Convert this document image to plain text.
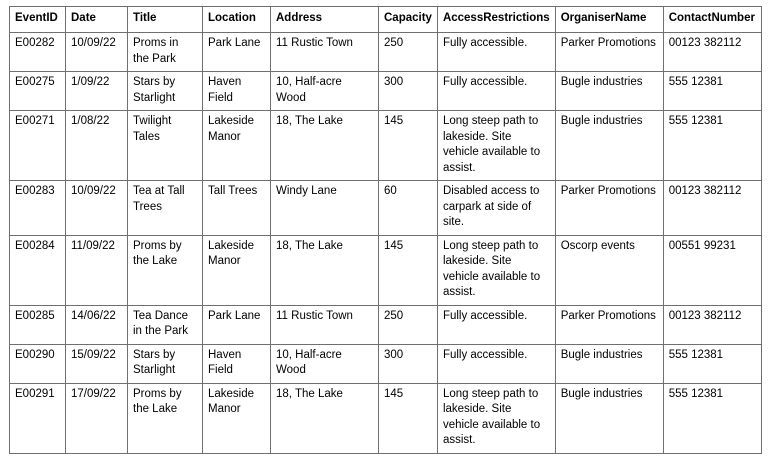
EventID	Date	Title	Location	Address	Capacity	AccessRestrictions	OrganiserName	ContactNumber
E00282	10/09/22	Proms in the Park	Park Lane	11 Rustic Town	250	Fully accessible.	Parker Promotions	00123 382112
E00275	1/09/22	Stars by Starlight	Haven Field	10, Half-acre Wood	300	Fully accessible.	Bugle industries	555 12381
E00271	1/08/22	Twilight Tales	Lakeside Manor	18, The Lake	145	Long steep path to lakeside. Site vehicle available to assist.	Bugle industries	555 12381
E00283	10/09/22	Tea at Tall Trees	Tall Trees	Windy Lane	60	Disabled access to carpark at side of site.	Parker Promotions	00123 382112
E00284	11/09/22	Proms by the Lake	Lakeside Manor	18, The Lake	145	Long steep path to lakeside. Site vehicle available to assist.	Oscorp events	00551 99231
E00285	14/06/22	Tea Dance in the Park	Park Lane	11 Rustic Town	250	Fully accessible.	Parker Promotions	00123 382112
E00290	15/09/22	Stars by Starlight	Haven Field	10, Half-acre Wood	300	Fully accessible.	Bugle industries	555 12381
E00291	17/09/22	Proms by the Lake	Lakeside Manor	18, The Lake	145	Long steep path to lakeside. Site vehicle available to assist.	Bugle industries	555 12381
